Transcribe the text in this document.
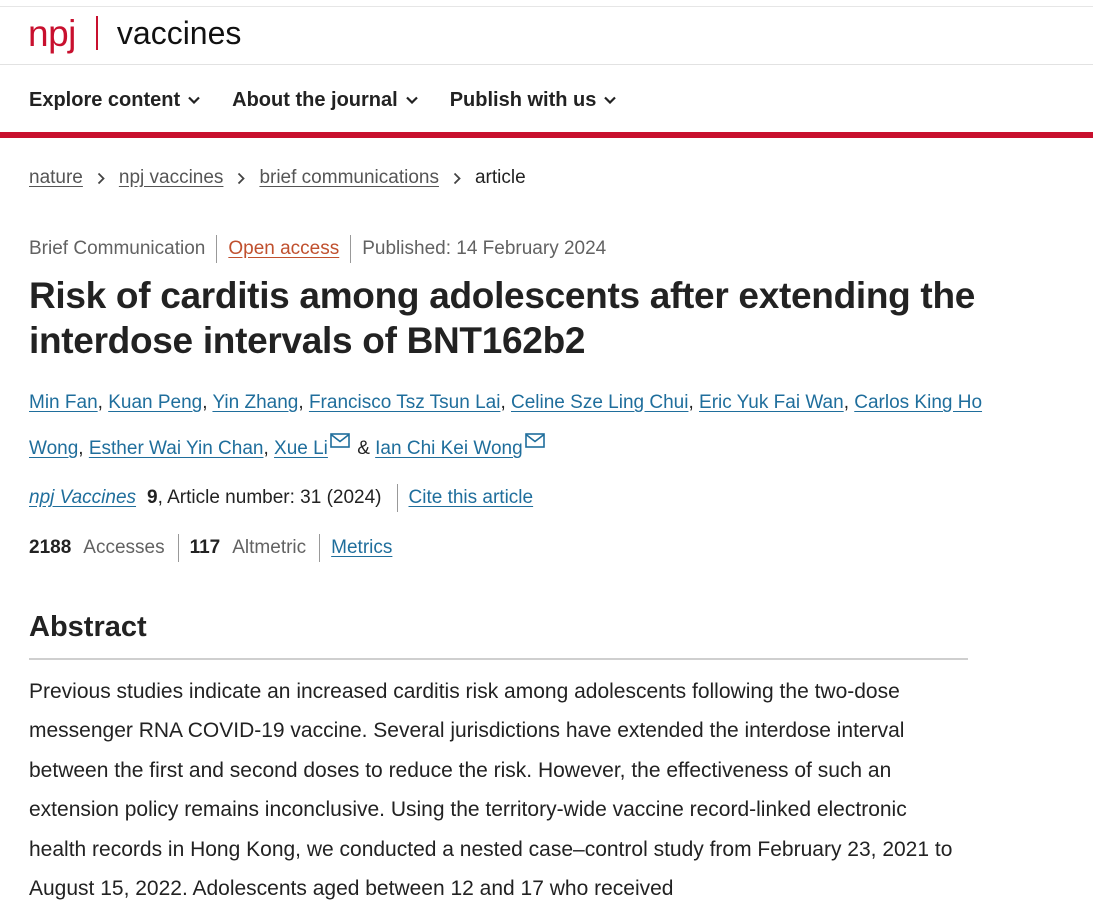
npj vaccines
Explore content	About the journal	Publish with us
nature npj vaccines brief communications article
Brief Communication Open access Published: 14 February 2024
Risk of carditis among adolescents after extending the interdose intervals of BNT162b2
Min Fan, Kuan Peng, Yin Zhang, Francisco Tsz Tsun Lai, Celine Sze Ling Chui, Eric Yuk Fai Wan, Carlos King Ho Wong, Esther Wai Yin Chan, Xue Li & Ian Chi Kei Wong
npj Vaccines 9 , Article number: 31 (2024) Cite this article
2188 Accesses 117 Altmetric Metrics
Abstract

Previous studies indicate an increased carditis risk among adolescents following the two-dose messenger RNA COVID-19 vaccine. Several jurisdictions have extended the interdose interval between the first and second doses to reduce the risk. However, the effectiveness of such an extension policy remains inconclusive. Using the territory-wide vaccine record-linked electronic health records in Hong Kong, we conducted a nested case–control study from February 23, 2021 to August 15, 2022. Adolescents aged between 12 and 17 who received
